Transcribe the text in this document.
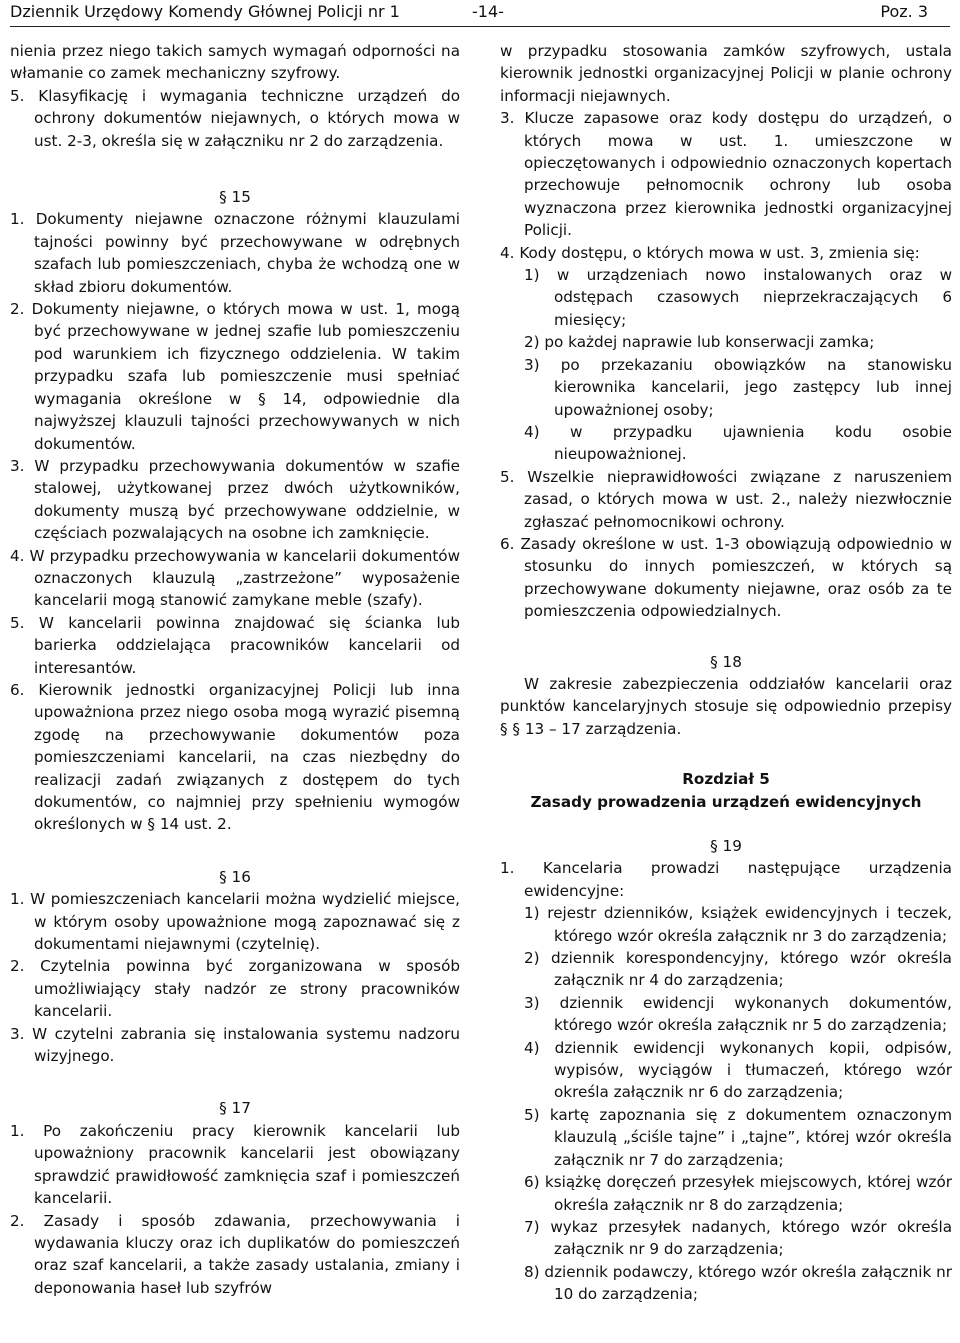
Dziennik Urzędowy Komendy Głównej Policji nr 1	-14-	Poz. 3

nienia przez niego takich samych wymagań odporności na włamanie co zamek mechaniczny szyfrowy.

5. Klasyfikację i wymagania techniczne urządzeń do ochrony dokumentów niejawnych, o których mowa w ust. 2-3, określa się w załączniku nr 2 do zarządzenia.

§ 15

1. Dokumenty niejawne oznaczone różnymi klauzulami tajności powinny być przechowywane w odrębnych szafach lub pomieszczeniach, chyba że wchodzą one w skład zbioru dokumentów.

2. Dokumenty niejawne, o których mowa w ust. 1, mogą być przechowywane w jednej szafie lub pomieszczeniu pod warunkiem ich fizycznego oddzielenia. W takim przypadku szafa lub pomieszczenie musi spełniać wymagania określone w § 14, odpowiednie dla najwyższej klauzuli tajności przechowywanych w nich dokumentów.

3. W przypadku przechowywania dokumentów w szafie stalowej, użytkowanej przez dwóch użytkowników, dokumenty muszą być przechowywane oddzielnie, w częściach pozwalających na osobne ich zamknięcie.

4. W przypadku przechowywania w kancelarii dokumentów oznaczonych klauzulą „zastrzeżone” wyposażenie kancelarii mogą stanowić zamykane meble (szafy).

5. W kancelarii powinna znajdować się ścianka lub barierka oddzielająca pracowników kancelarii od interesantów.

6. Kierownik jednostki organizacyjnej Policji lub inna upoważniona przez niego osoba mogą wyrazić pisemną zgodę na przechowywanie dokumentów poza pomieszczeniami kancelarii, na czas niezbędny do realizacji zadań związanych z dostępem do tych dokumentów, co najmniej przy spełnieniu wymogów określonych w § 14 ust. 2.

§ 16

1. W pomieszczeniach kancelarii można wydzielić miejsce, w którym osoby upoważnione mogą zapoznawać się z dokumentami niejawnymi (czytelnię).

2. Czytelnia powinna być zorganizowana w sposób umożliwiający stały nadzór ze strony pracowników kancelarii.

3. W czytelni zabrania się instalowania systemu nadzoru wizyjnego.

§ 17

1. Po zakończeniu pracy kierownik kancelarii lub upoważniony pracownik kancelarii jest obowiązany sprawdzić prawidłowość zamknięcia szaf i pomieszczeń kancelarii.

2. Zasady i sposób zdawania, przechowywania i wydawania kluczy oraz ich duplikatów do pomieszczeń oraz szaf kancelarii, a także zasady ustalania, zmiany i deponowania haseł lub szyfrów

w przypadku stosowania zamków szyfrowych, ustala kierownik jednostki organizacyjnej Policji w planie ochrony informacji niejawnych.

3. Klucze zapasowe oraz kody dostępu do urządzeń, o których mowa w ust. 1. umieszczone w opieczętowanych i odpowiednio oznaczonych kopertach przechowuje pełnomocnik ochrony lub osoba wyznaczona przez kierownika jednostki organizacyjnej Policji.

4. Kody dostępu, o których mowa w ust. 3, zmienia się:

1) w urządzeniach nowo instalowanych oraz w odstępach czasowych nieprzekraczających 6 miesięcy;

2) po każdej naprawie lub konserwacji zamka;

3) po przekazaniu obowiązków na stanowisku kierownika kancelarii, jego zastępcy lub innej upoważnionej osoby;

4) w przypadku ujawnienia kodu osobie nieupoważnionej.

5. Wszelkie nieprawidłowości związane z naruszeniem zasad, o których mowa w ust. 2., należy niezwłocznie zgłaszać pełnomocnikowi ochrony.

6. Zasady określone w ust. 1-3 obowiązują odpowiednio w stosunku do innych pomieszczeń, w których są przechowywane dokumenty niejawne, oraz osób za te pomieszczenia odpowiedzialnych.

§ 18

W zakresie zabezpieczenia oddziałów kancelarii oraz punktów kancelaryjnych stosuje się odpowiednio przepisy § § 13 – 17 zarządzenia.

Rozdział 5

Zasady prowadzenia urządzeń ewidencyjnych

§ 19

1. Kancelaria prowadzi następujące urządzenia ewidencyjne:

1) rejestr dzienników, książek ewidencyjnych i teczek, którego wzór określa załącznik nr 3 do zarządzenia;

2) dziennik korespondencyjny, którego wzór określa załącznik nr 4 do zarządzenia;

3) dziennik ewidencji wykonanych dokumentów, którego wzór określa załącznik nr 5 do zarządzenia;

4) dziennik ewidencji wykonanych kopii, odpisów, wypisów, wyciągów i tłumaczeń, którego wzór określa załącznik nr 6 do zarządzenia;

5) kartę zapoznania się z dokumentem oznaczonym klauzulą „ściśle tajne” i „tajne”, której wzór określa załącznik nr 7 do zarządzenia;

6) książkę doręczeń przesyłek miejscowych, której wzór określa załącznik nr 8 do zarządzenia;

7) wykaz przesyłek nadanych, którego wzór określa załącznik nr 9 do zarządzenia;

8) dziennik podawczy, którego wzór określa załącznik nr 10 do zarządzenia;
